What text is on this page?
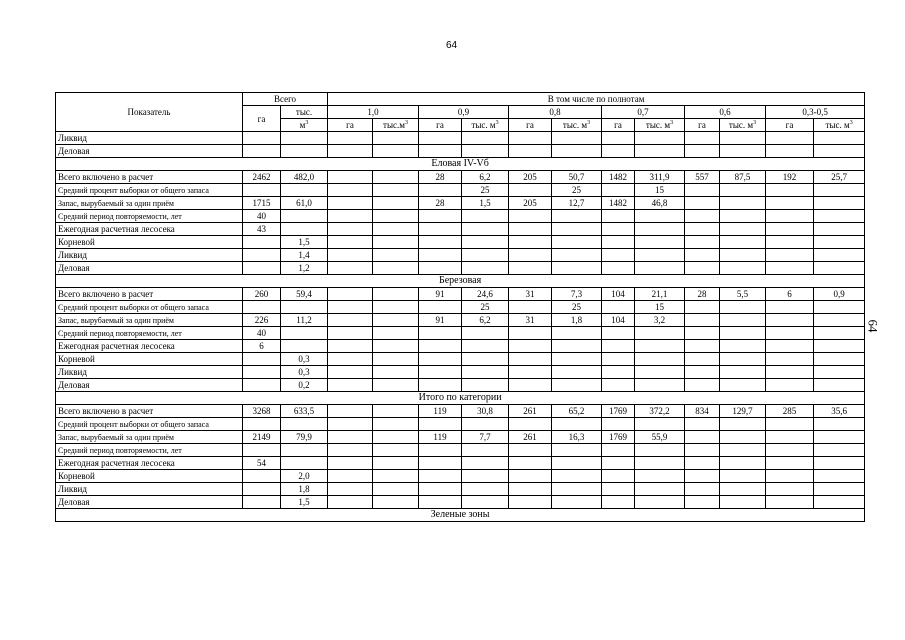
64
64
Показатель	Всего		В том числе по полнотам											
	га	тыс.	1,0		0,9		0,8		0,7		0,6		0,3-0,5	
		$м^3$	га	$тыс.м^3$	га	тыс. $м^3$	га	тыс. $м^3$	га	тыс. $м^3$	га	тыс. $м^3$	га	тыс. $м^3$
Ликвид														
Деловая														
Еловая IV-Vб														
Всего включено в расчет	2462	482,0			28	6,2	205	50,7	1482	311,9	557	87,5	192	25,7
Средний процент выборки от общего запаса						25		25		15				
Запас, вырубаемый за один приём	1715	61,0			28	1,5	205	12,7	1482	46,8				
Средний период повторяемости, лет	40													
Ежегодная расчетная лесосека	43													
Корневой		1,5												
Ликвид		1,4												
Деловая		1,2												
Березовая														
Всего включено в расчет	260	59,4			91	24,6	31	7,3	104	21,1	28	5,5	6	0,9
Средний процент выборки от общего запаса						25		25		15				
Запас, вырубаемый за один приём	226	11,2			91	6,2	31	1,8	104	3,2				
Средний период повторяемости, лет	40													
Ежегодная расчетная лесосека	6													
Корневой		0,3												
Ликвид		0,3												
Деловая		0,2												
Итого по категории														
Всего включено в расчет	3268	633,5			119	30,8	261	65,2	1769	372,2	834	129,7	285	35,6
Средний процент выборки от общего запаса														
Запас, вырубаемый за один приём	2149	79,9			119	7,7	261	16,3	1769	55,9				
Средний период повторяемости, лет														
Ежегодная расчетная лесосека	54													
Корневой		2,0												
Ликвид		1,8												
Деловая		1,5												
Зеленые зоны														
